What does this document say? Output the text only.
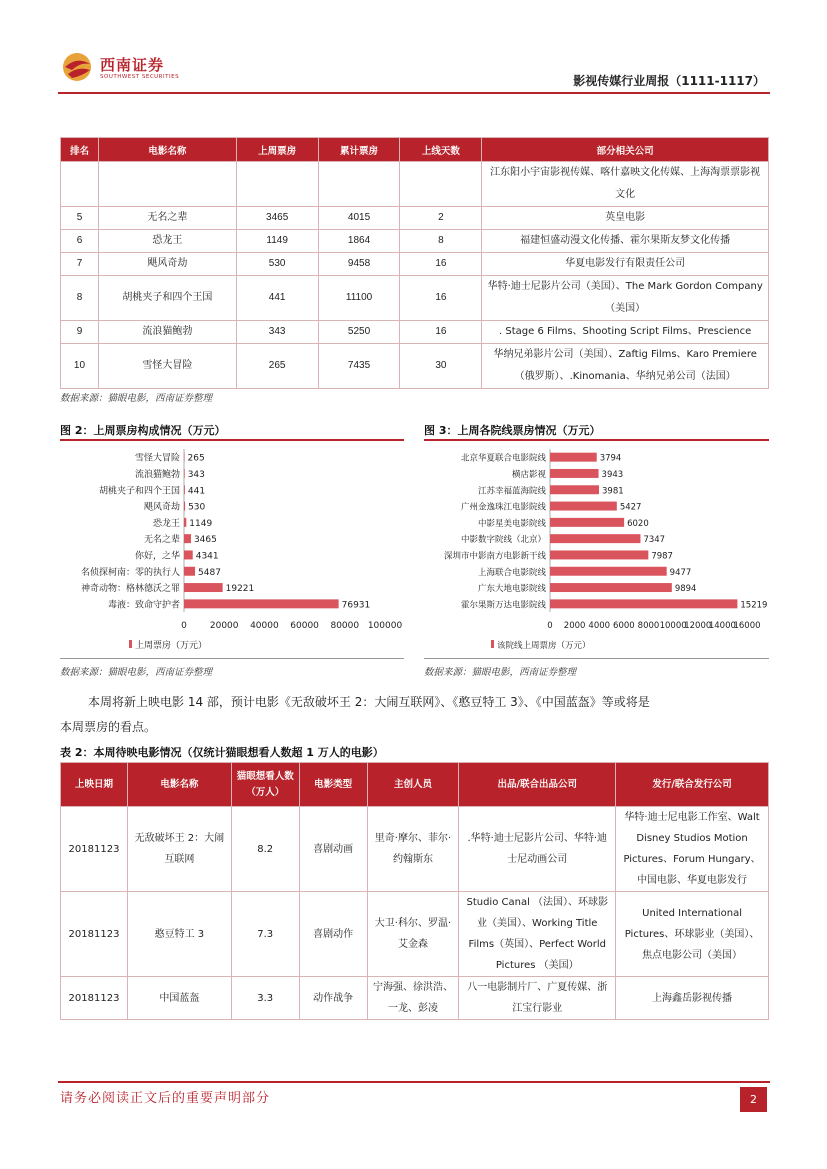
西南证券
SOUTHWEST SECURITIES	影视传媒行业周报（1111-1117）
排名	电影名称	上周票房	累计票房	上线天数	部分相关公司
					江东阳小宇宙影视传媒、喀什嘉映文化传媒、上海淘票票影视文化
5	无名之辈	3465	4015	2	英皇电影
6	恐龙王	1149	1864	8	福建恒盛动漫文化传播、霍尔果斯友梦文化传播
7	飓风奇劫	530	9458	16	华夏电影发行有限责任公司
8	胡桃夹子和四个王国	441	11100	16	华特·迪士尼影片公司（美国）、The Mark Gordon Company（美国）
9	流浪猫鲍勃	343	5250	16	. Stage 6 Films、Shooting Script Films、Prescience
10	雪怪大冒险	265	7435	30	华纳兄弟影片公司（美国）、Zaftig Films、Karo Premiere（俄罗斯）、.Kinomania、华纳兄弟公司（法国）
数据来源：猫眼电影，西南证券整理
图 2：上周票房构成情况（万元）
雪怪大冒险 265
流浪猫鲍勃 343
胡桃夹子和四个王国 441
飓风奇劫 530
恐龙王 1149
无名之辈 3465
你好，之华 4341
名侦探柯南：零的执行人 5487
神奇动物：格林德沃之罪	19221
毒液：致命守护者	76931
0	20000 40000 60000 80000 100000
上周票房（万元）
数据来源：猫眼电影，西南证券整理
图 3：上周各院线票房情况（万元）
北京华夏联合电影院线	3794
横店影视	3943
江苏幸福蓝海院线	3981
广州金逸珠江电影院线	5427
中影星美电影院线	6020
中影数字院线（北京）	7347
深圳市中影南方电影新干线	7987
上海联合电影院线	9477
广东大地电影院线	9894
霍尔果斯万达电影院线	15219
0 2000 4000 6000 8000 10000
12000
14000
16000
该院线上周票房（万元）
数据来源：猫眼电影，西南证券整理
本周将新上映电影 14 部，预计电影《无敌破坏王 2：大闹互联网》、《憨豆特工 3》、《中国蓝盔》等或将是本周票房的看点。
表 2：本周待映电影情况（仅统计猫眼想看人数超 1 万人的电影）
上映日期	电影名称	猫眼想看人数（万人）	电影类型	主创人员	出品/联合出品公司	发行/联合发行公司
20181123	无敌破坏王 2：大闹互联网	8.2	喜剧动画	里奇·摩尔、菲尔·约翰斯东	.华特·迪士尼影片公司、华特·迪士尼动画公司	华特·迪士尼电影工作室、Walt Disney Studios Motion Pictures、Forum Hungary、中国电影、华夏电影发行
20181123	憨豆特工 3	7.3	喜剧动作	大卫·科尔、罗温·艾金森	Studio Canal （法国）、环球影业（美国）、Working Title Films（英国）、Perfect World Pictures （美国）	United International Pictures、环球影业（美国）、焦点电影公司（美国）
20181123	中国蓝盔	3.3	动作战争	宁海强、徐洪浩、一龙、彭凌	八一电影制片厂、广夏传媒、浙江宝行影业	上海鑫岳影视传播
请务必阅读正文后的重要声明部分	2
